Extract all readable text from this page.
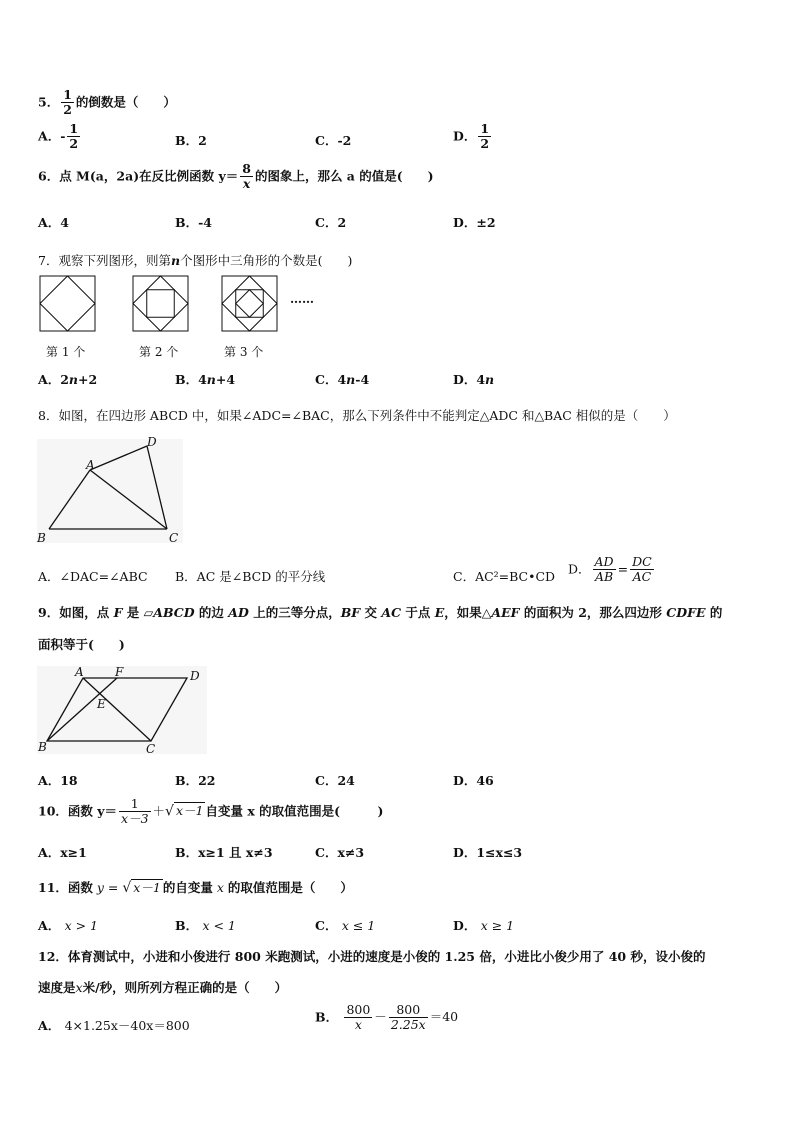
5． $\frac{1}{2}$ 的倒数是（　　）
A．- $\frac{1}{2}$	B．2	C．-2	D． $\frac{1}{2}$
6．点 M(a，2a)在反比例函数 $y= \frac{8}{x}$ 的图象上，那么 a 的值是(　　)
A．4	B．-4	C．2	D．±2
7．观察下列图形，则第n个图形中三角形的个数是(　　)
……
第 1 个	第 2 个	第 3 个
A．2n+2	B．4n+4	C．4n-4	D．4n
8．如图，在四边形 ABCD 中，如果∠ADC=∠BAC，那么下列条件中不能判定△ADC 和△BAC 相似的是（　　）
A
B	C
D
A．∠DAC=∠ABC B．AC 是∠BCD 的平分线	C．AC²=BC•CD
D． $\frac{AD}{AB} = \frac{DC}{AC}$
9．如图，点 F 是 ▱ABCD 的边 AD 上的三等分点，BF 交 AC 于点 E，如果△AEF 的面积为 2，那么四边形 CDFE 的
面积等于(　　)
A	F	D
E
B	C
A．18	B．22	C．24	D．46
10．函数 $y= \frac{1}{x-3}$ ＋√ x－1 自变量 x 的取值范围是(　　　)
A．x≥1	B．x≥1 且 x≠3	C．x≠3	D．1≤x≤3
11．函数 y = √ x－1 的自变量 x 的取值范围是（　　）
A． x > 1	B． x < 1	C． x ≤ 1	D． x ≥ 1
12．体育测试中，小进和小俊进行 800 米跑测试，小进的速度是小俊的 1.25 倍，小进比小俊少用了 40 秒，设小俊的
速度是x米/秒，则所列方程正确的是（　　）
A． 4×1.25x－40x＝800
B． $\frac{800}{x} - \frac{800}{2.25x} =40$
